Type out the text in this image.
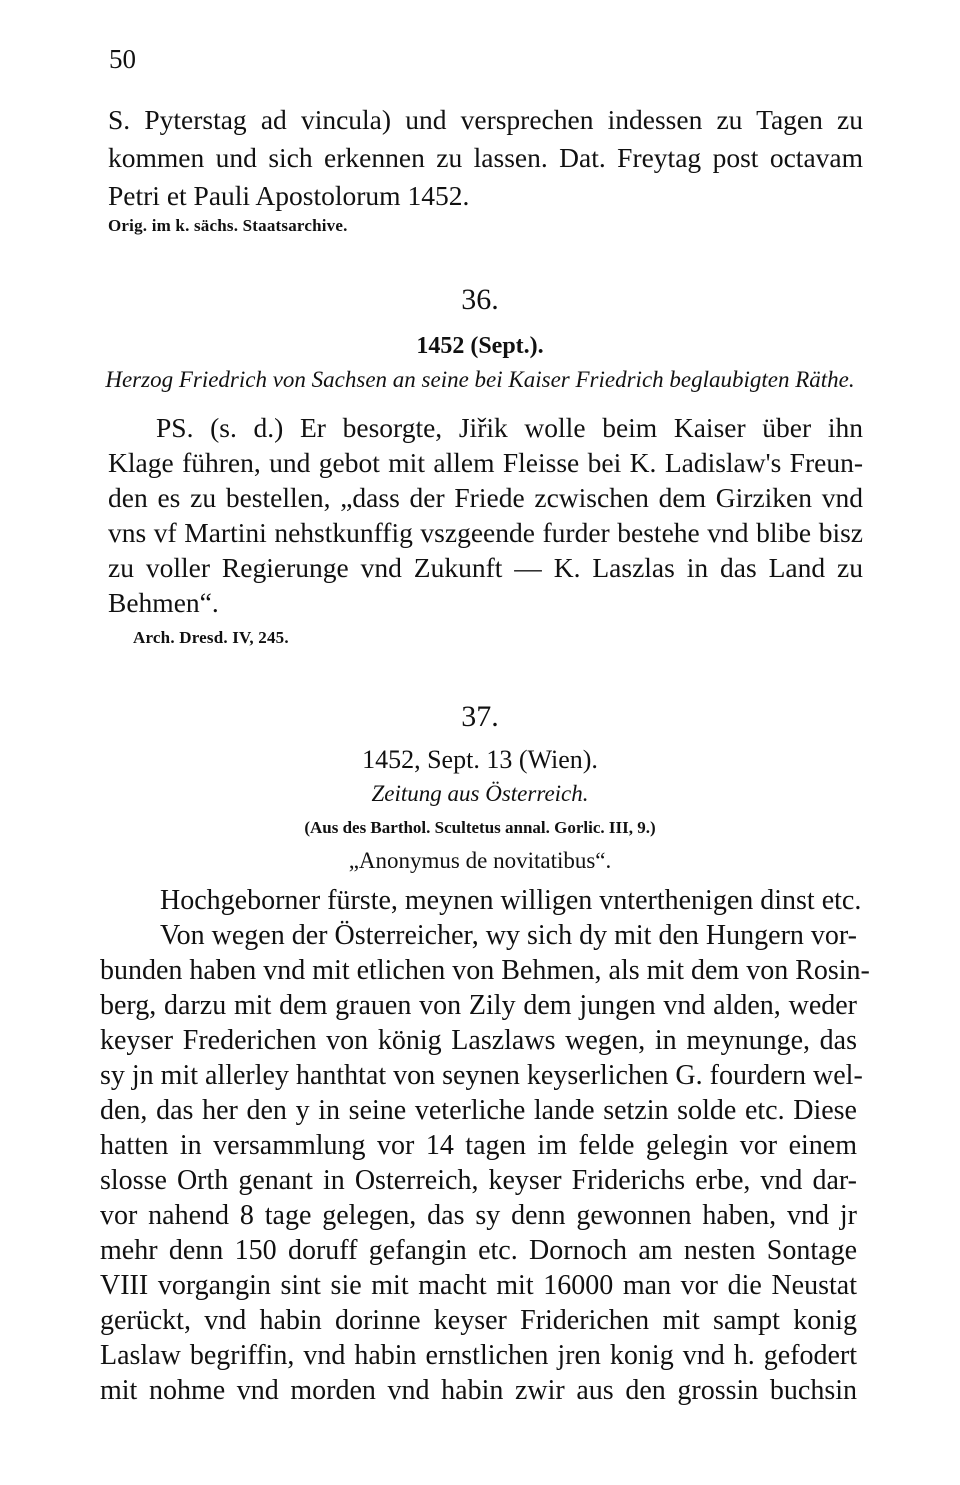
50
S. Pyterstag ad vincula) und versprechen indessen zu Tagen zu
kommen und sich erkennen zu lassen. Dat. Freytag post octavam
Petri et Pauli Apostolorum 1452.
Orig. im k. sächs. Staatsarchive.
36.
1452 (Sept.).
Herzog Friedrich von Sachsen an seine bei Kaiser Friedrich beglaubigten Räthe.
PS. (s. d.) Er besorgte, Jiřik wolle beim Kaiser über ihn
Klage führen, und gebot mit allem Fleisse bei K. Ladislaw's Freun-
den es zu bestellen, „dass der Friede zcwischen dem Girziken vnd
vns vf Martini nehstkunffig vszgeende furder bestehe vnd blibe bisz
zu voller Regierunge vnd Zukunft — K. Laszlas in das Land zu
Behmen“.
Arch. Dresd. IV, 245.
37.
1452, Sept. 13 (Wien).
Zeitung aus Österreich.
(Aus des Barthol. Scultetus annal. Gorlic. III, 9.)
„Anonymus de novitatibus“.
Hochgeborner fürste, meynen willigen vnterthenigen dinst etc.
Von wegen der Österreicher, wy sich dy mit den Hungern vor-
bunden haben vnd mit etlichen von Behmen, als mit dem von Rosin-
berg, darzu mit dem grauen von Zily dem jungen vnd alden, weder
keyser Frederichen von könig Laszlaws wegen, in meynunge, das
sy jn mit allerley hanthtat von seynen keyserlichen G. fourdern wel-
den, das her den y in seine veterliche lande setzin solde etc. Diese
hatten in versammlung vor 14 tagen im felde gelegin vor einem
slosse Orth genant in Osterreich, keyser Friderichs erbe, vnd dar-
vor nahend 8 tage gelegen, das sy denn gewonnen haben, vnd jr
mehr denn 150 doruff gefangin etc. Dornoch am nesten Sontage
VIII vorgangin sint sie mit macht mit 16000 man vor die Neustat
gerückt, vnd habin dorinne keyser Friderichen mit sampt konig
Laslaw begriffin, vnd habin ernstlichen jren konig vnd h. gefodert
mit nohme vnd morden vnd habin zwir aus den grossin buchsin
